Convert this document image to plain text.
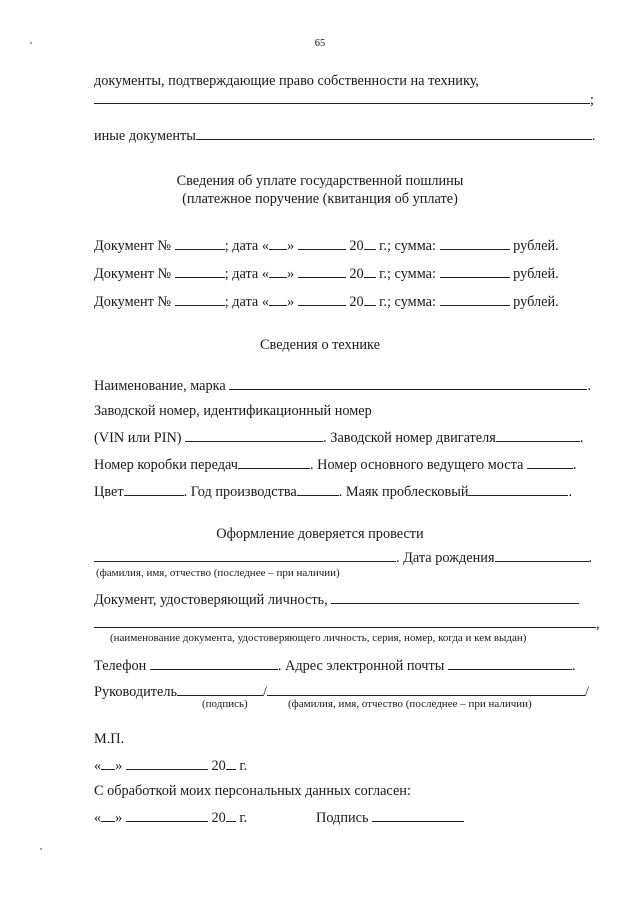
65
документы, подтверждающие право собственности на технику,
;
иные документы	.
Сведения об уплате государственной пошлины
(платежное поручение (квитанция об уплате)
Документ №	; дата « »	20 г.; сумма:	рублей.
Документ №	; дата « »	20 г.; сумма:	рублей.
Документ №	; дата « »	20 г.; сумма:	рублей.
Сведения о технике
Наименование, марка	.
Заводской номер, идентификационный номер
(VIN или PIN)	. Заводской номер двигателя	.
Номер коробки передач	. Номер основного ведущего моста	.
Цвет	. Год производства	. Маяк проблесковый	.
Оформление доверяется провести
. Дата рождения	.
(фамилия, имя, отчество (последнее – при наличии)
Документ, удостоверяющий личность,
,
(наименование документа, удостоверяющего личность, серия, номер, когда и кем выдан)
Телефон	. Адрес электронной почты	.
Руководитель	/	/
(подпись)	(фамилия, имя, отчество (последнее – при наличии)
М.П.
« »	20 г.
С обработкой моих персональных данных согласен:
« »	20 г.	Подпись
